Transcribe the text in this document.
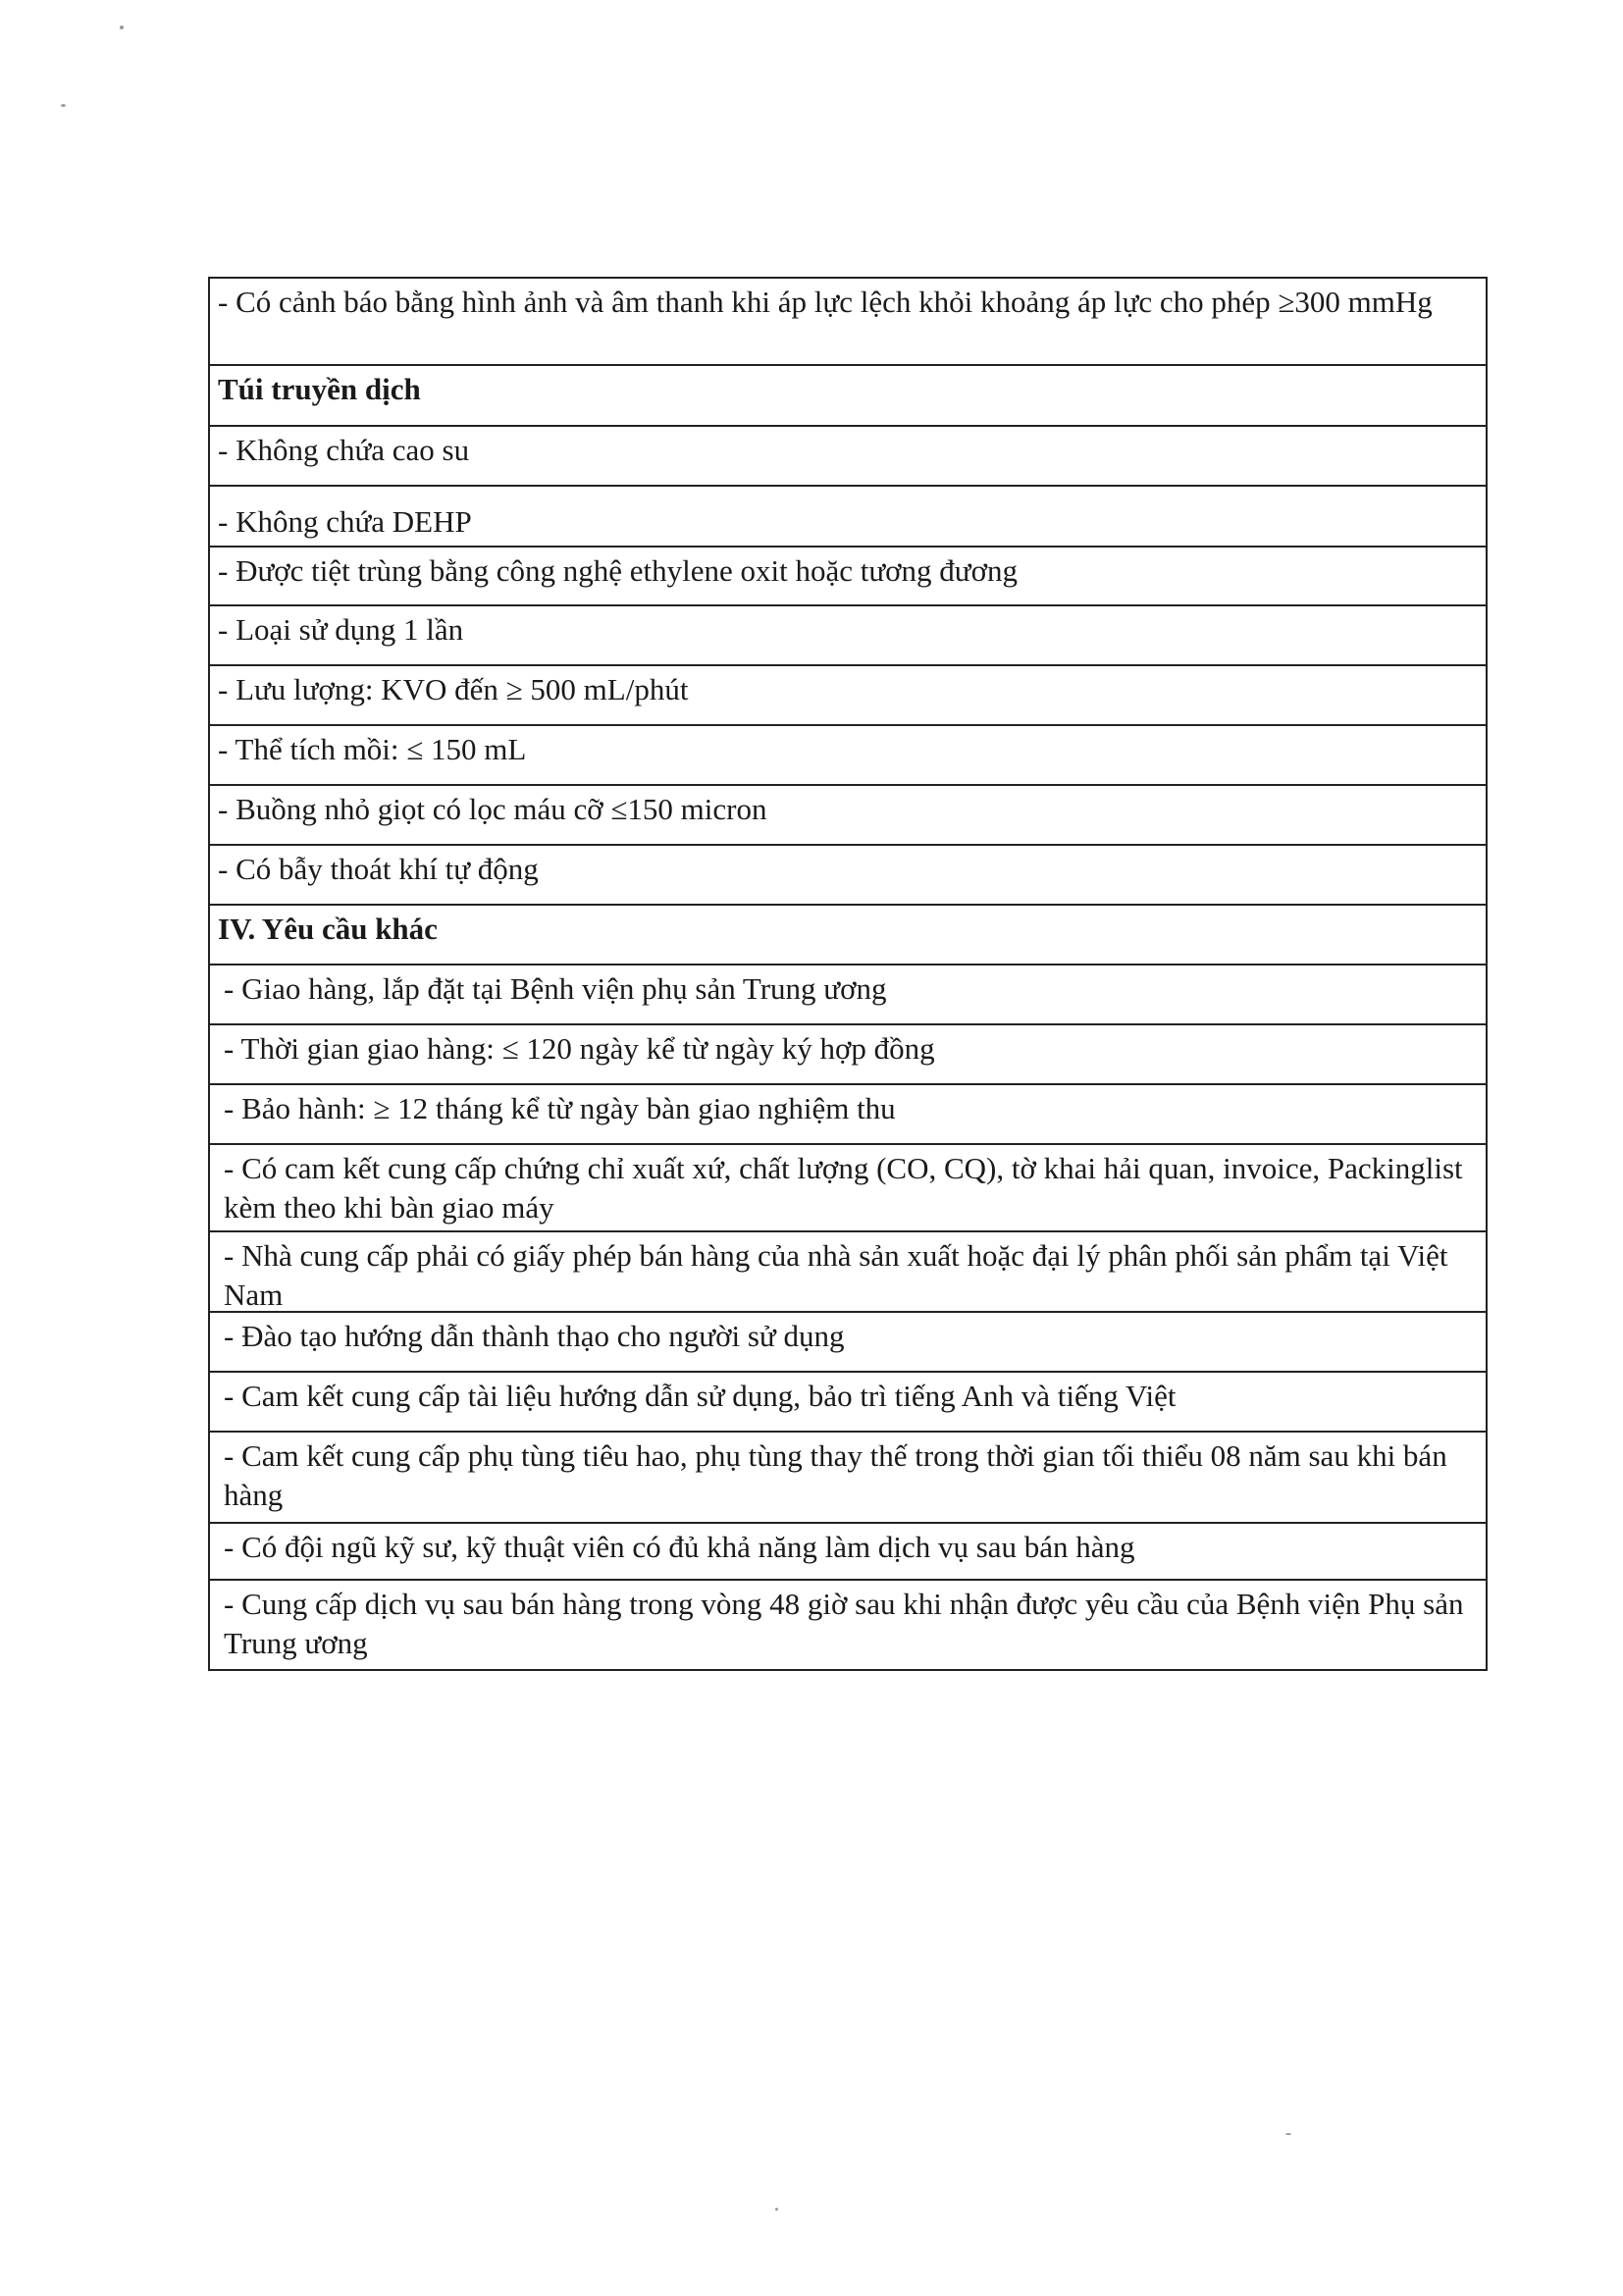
- Có cảnh báo bằng hình ảnh và âm thanh khi áp lực lệch khỏi khoảng áp lực cho phép ≥300 mmHg
Túi truyền dịch
- Không chứa cao su
- Không chứa DEHP
- Được tiệt trùng bằng công nghệ ethylene oxit hoặc tương đương
- Loại sử dụng 1 lần
- Lưu lượng: KVO đến ≥ 500 mL/phút
- Thể tích mồi: ≤ 150 mL
- Buồng nhỏ giọt có lọc máu cỡ ≤150 micron
- Có bẫy thoát khí tự động
IV. Yêu cầu khác
- Giao hàng, lắp đặt tại Bệnh viện phụ sản Trung ương
- Thời gian giao hàng: ≤ 120 ngày kể từ ngày ký hợp đồng
- Bảo hành: ≥ 12 tháng kể từ ngày bàn giao nghiệm thu
- Có cam kết cung cấp chứng chỉ xuất xứ, chất lượng (CO, CQ), tờ khai hải quan, invoice, Packinglist kèm theo khi bàn giao máy
- Nhà cung cấp phải có giấy phép bán hàng của nhà sản xuất hoặc đại lý phân phối sản phẩm tại Việt Nam
- Đào tạo hướng dẫn thành thạo cho người sử dụng
- Cam kết cung cấp tài liệu hướng dẫn sử dụng, bảo trì tiếng Anh và tiếng Việt
- Cam kết cung cấp phụ tùng tiêu hao, phụ tùng thay thế trong thời gian tối thiểu 08 năm sau khi bán hàng
- Có đội ngũ kỹ sư, kỹ thuật viên có đủ khả năng làm dịch vụ sau bán hàng
- Cung cấp dịch vụ sau bán hàng trong vòng 48 giờ sau khi nhận được yêu cầu của Bệnh viện Phụ sản Trung ương
